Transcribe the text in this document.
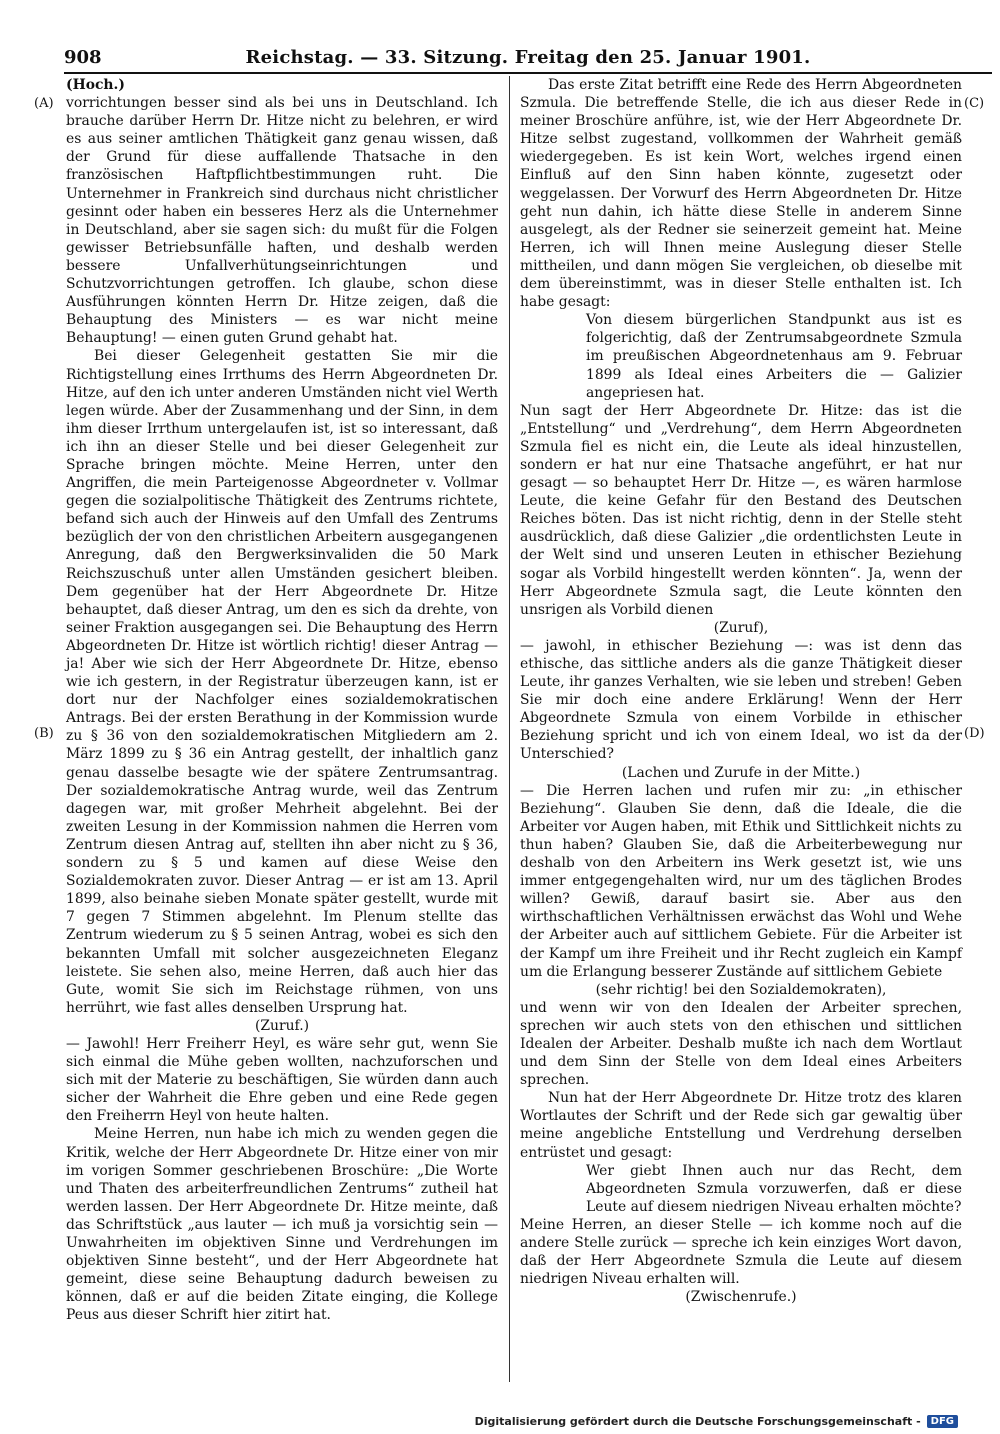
908	Reichstag. — 33. Sitzung. Freitag den 25. Januar 1901.
(A)
(B)
(C)
(D)

(Hoch.)

vorrichtungen besser sind als bei uns in Deutschland. Ich brauche darüber Herrn Dr. Hitze nicht zu belehren, er wird es aus seiner amtlichen Thätigkeit ganz genau wissen, daß der Grund für diese auffallende Thatsache in den französischen Haftpflichtbestimmungen ruht. Die Unternehmer in Frankreich sind durchaus nicht christlicher gesinnt oder haben ein besseres Herz als die Unternehmer in Deutschland, aber sie sagen sich: du mußt für die Folgen gewisser Betriebsunfälle haften, und deshalb werden bessere Unfallverhütungseinrichtungen und Schutzvorrichtungen getroffen. Ich glaube, schon diese Ausführungen könnten Herrn Dr. Hitze zeigen, daß die Behauptung des Ministers — es war nicht meine Behauptung! — einen guten Grund gehabt hat.

Bei dieser Gelegenheit gestatten Sie mir die Richtigstellung eines Irrthums des Herrn Abgeordneten Dr. Hitze, auf den ich unter anderen Umständen nicht viel Werth legen würde. Aber der Zusammenhang und der Sinn, in dem ihm dieser Irrthum untergelaufen ist, ist so interessant, daß ich ihn an dieser Stelle und bei dieser Gelegenheit zur Sprache bringen möchte. Meine Herren, unter den Angriffen, die mein Parteigenosse Abgeordneter v. Vollmar gegen die sozialpolitische Thätigkeit des Zentrums richtete, befand sich auch der Hinweis auf den Umfall des Zentrums bezüglich der von den christlichen Arbeitern ausgegangenen Anregung, daß den Bergwerksinvaliden die 50 Mark Reichszuschuß unter allen Umständen gesichert bleiben. Dem gegenüber hat der Herr Abgeordnete Dr. Hitze behauptet, daß dieser Antrag, um den es sich da drehte, von seiner Fraktion ausgegangen sei. Die Behauptung des Herrn Abgeordneten Dr. Hitze ist wörtlich richtig! dieser Antrag — ja! Aber wie sich der Herr Abgeordnete Dr. Hitze, ebenso wie ich gestern, in der Registratur überzeugen kann, ist er dort nur der Nachfolger eines sozialdemokratischen Antrags. Bei der ersten Berathung in der Kommission wurde zu § 36 von den sozialdemokratischen Mitgliedern am 2. März 1899 zu § 36 ein Antrag gestellt, der inhaltlich ganz genau dasselbe besagte wie der spätere Zentrumsantrag. Der sozialdemokratische Antrag wurde, weil das Zentrum dagegen war, mit großer Mehrheit abgelehnt. Bei der zweiten Lesung in der Kommission nahmen die Herren vom Zentrum diesen Antrag auf, stellten ihn aber nicht zu § 36, sondern zu § 5 und kamen auf diese Weise den Sozialdemokraten zuvor. Dieser Antrag — er ist am 13. April 1899, also beinahe sieben Monate später gestellt, wurde mit 7 gegen 7 Stimmen abgelehnt. Im Plenum stellte das Zentrum wiederum zu § 5 seinen Antrag, wobei es sich den bekannten Umfall mit solcher ausgezeichneten Eleganz leistete. Sie sehen also, meine Herren, daß auch hier das Gute, womit Sie sich im Reichstage rühmen, von uns herrührt, wie fast alles denselben Ursprung hat.

(Zuruf.)

— Jawohl! Herr Freiherr Heyl, es wäre sehr gut, wenn Sie sich einmal die Mühe geben wollten, nachzuforschen und sich mit der Materie zu beschäftigen, Sie würden dann auch sicher der Wahrheit die Ehre geben und eine Rede gegen den Freiherrn Heyl von heute halten.

Meine Herren, nun habe ich mich zu wenden gegen die Kritik, welche der Herr Abgeordnete Dr. Hitze einer von mir im vorigen Sommer geschriebenen Broschüre: „Die Worte und Thaten des arbeiterfreundlichen Zentrums“ zutheil hat werden lassen. Der Herr Abgeordnete Dr. Hitze meinte, daß das Schriftstück „aus lauter — ich muß ja vorsichtig sein — Unwahrheiten im objektiven Sinne und Verdrehungen im objektiven Sinne besteht“, und der Herr Abgeordnete hat gemeint, diese seine Behauptung dadurch beweisen zu können, daß er auf die beiden Zitate einging, die Kollege Peus aus dieser Schrift hier zitirt hat.

Das erste Zitat betrifft eine Rede des Herrn Abgeordneten Szmula. Die betreffende Stelle, die ich aus dieser Rede in meiner Broschüre anführe, ist, wie der Herr Abgeordnete Dr. Hitze selbst zugestand, vollkommen der Wahrheit gemäß wiedergegeben. Es ist kein Wort, welches irgend einen Einfluß auf den Sinn haben könnte, zugesetzt oder weggelassen. Der Vorwurf des Herrn Abgeordneten Dr. Hitze geht nun dahin, ich hätte diese Stelle in anderem Sinne ausgelegt, als der Redner sie seinerzeit gemeint hat. Meine Herren, ich will Ihnen meine Auslegung dieser Stelle mittheilen, und dann mögen Sie vergleichen, ob dieselbe mit dem übereinstimmt, was in dieser Stelle enthalten ist. Ich habe gesagt:

Von diesem bürgerlichen Standpunkt aus ist es folgerichtig, daß der Zentrumsabgeordnete Szmula im preußischen Abgeordnetenhaus am 9. Februar 1899 als Ideal eines Arbeiters die — Galizier angepriesen hat.

Nun sagt der Herr Abgeordnete Dr. Hitze: das ist die „Entstellung“ und „Verdrehung“, dem Herrn Abgeordneten Szmula fiel es nicht ein, die Leute als ideal hinzustellen, sondern er hat nur eine Thatsache angeführt, er hat nur gesagt — so behauptet Herr Dr. Hitze —, es wären harmlose Leute, die keine Gefahr für den Bestand des Deutschen Reiches böten. Das ist nicht richtig, denn in der Stelle steht ausdrücklich, daß diese Galizier „die ordentlichsten Leute in der Welt sind und unseren Leuten in ethischer Beziehung sogar als Vorbild hingestellt werden könnten“. Ja, wenn der Herr Abgeordnete Szmula sagt, die Leute könnten den unsrigen als Vorbild dienen

(Zuruf),

— jawohl, in ethischer Beziehung —: was ist denn das ethische, das sittliche anders als die ganze Thätigkeit dieser Leute, ihr ganzes Verhalten, wie sie leben und streben! Geben Sie mir doch eine andere Erklärung! Wenn der Herr Abgeordnete Szmula von einem Vorbilde in ethischer Beziehung spricht und ich von einem Ideal, wo ist da der Unterschied?

(Lachen und Zurufe in der Mitte.)

— Die Herren lachen und rufen mir zu: „in ethischer Beziehung“. Glauben Sie denn, daß die Ideale, die die Arbeiter vor Augen haben, mit Ethik und Sittlichkeit nichts zu thun haben? Glauben Sie, daß die Arbeiterbewegung nur deshalb von den Arbeitern ins Werk gesetzt ist, wie uns immer entgegengehalten wird, nur um des täglichen Brodes willen? Gewiß, darauf basirt sie. Aber aus den wirthschaftlichen Verhältnissen erwächst das Wohl und Wehe der Arbeiter auch auf sittlichem Gebiete. Für die Arbeiter ist der Kampf um ihre Freiheit und ihr Recht zugleich ein Kampf um die Erlangung besserer Zustände auf sittlichem Gebiete

(sehr richtig! bei den Sozialdemokraten),

und wenn wir von den Idealen der Arbeiter sprechen, sprechen wir auch stets von den ethischen und sittlichen Idealen der Arbeiter. Deshalb mußte ich nach dem Wortlaut und dem Sinn der Stelle von dem Ideal eines Arbeiters sprechen.

Nun hat der Herr Abgeordnete Dr. Hitze trotz des klaren Wortlautes der Schrift und der Rede sich gar gewaltig über meine angebliche Entstellung und Verdrehung derselben entrüstet und gesagt:

Wer giebt Ihnen auch nur das Recht, dem Abgeordneten Szmula vorzuwerfen, daß er diese Leute auf diesem niedrigen Niveau erhalten möchte?

Meine Herren, an dieser Stelle — ich komme noch auf die andere Stelle zurück — spreche ich kein einziges Wort davon, daß der Herr Abgeordnete Szmula die Leute auf diesem niedrigen Niveau erhalten will.

(Zwischenrufe.)

Digitalisierung gefördert durch die Deutsche Forschungsgemeinschaft -	DFG
